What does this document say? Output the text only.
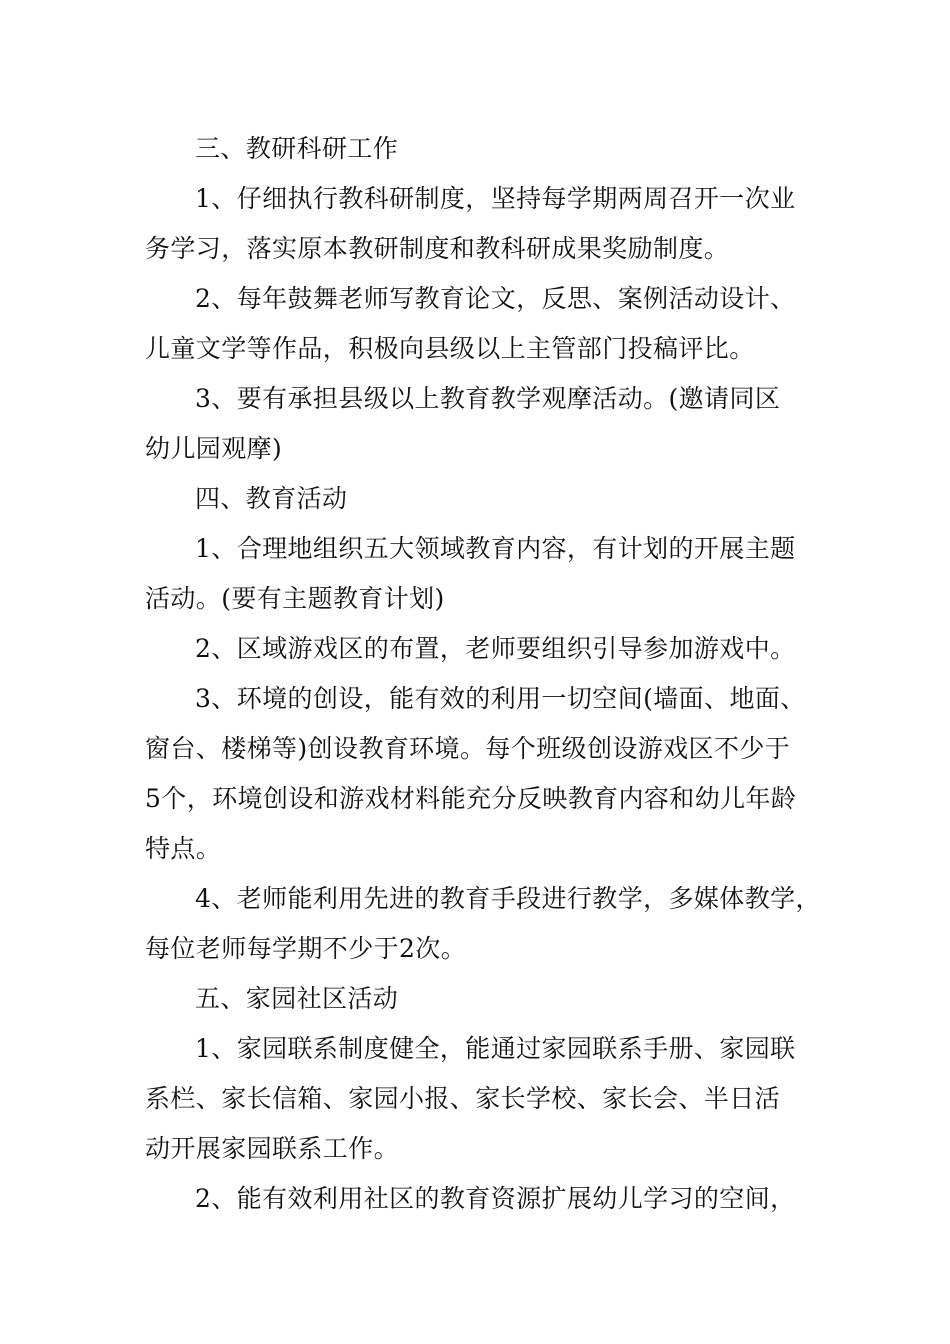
三、教研科研工作

1、仔细执行教科研制度，坚持每学期两周召开一次业
务学习，落实原本教研制度和教科研成果奖励制度。

2、每年鼓舞老师写教育论文，反思、案例活动设计、
儿童文学等作品，积极向县级以上主管部门投稿评比。

3、要有承担县级以上教育教学观摩活动。(邀请同区
幼儿园观摩)

四、教育活动

1、合理地组织五大领域教育内容，有计划的开展主题
活动。(要有主题教育计划)

2、区域游戏区的布置，老师要组织引导参加游戏中。

3、环境的创设，能有效的利用一切空间(墙面、地面、
窗台、楼梯等)创设教育环境。每个班级创设游戏区不少于
5个，环境创设和游戏材料能充分反映教育内容和幼儿年龄
特点。

4、老师能利用先进的教育手段进行教学，多媒体教学，
每位老师每学期不少于2次。

五、家园社区活动

1、家园联系制度健全，能通过家园联系手册、家园联
系栏、家长信箱、家园小报、家长学校、家长会、半日活
动开展家园联系工作。

2、能有效利用社区的教育资源扩展幼儿学习的空间，
